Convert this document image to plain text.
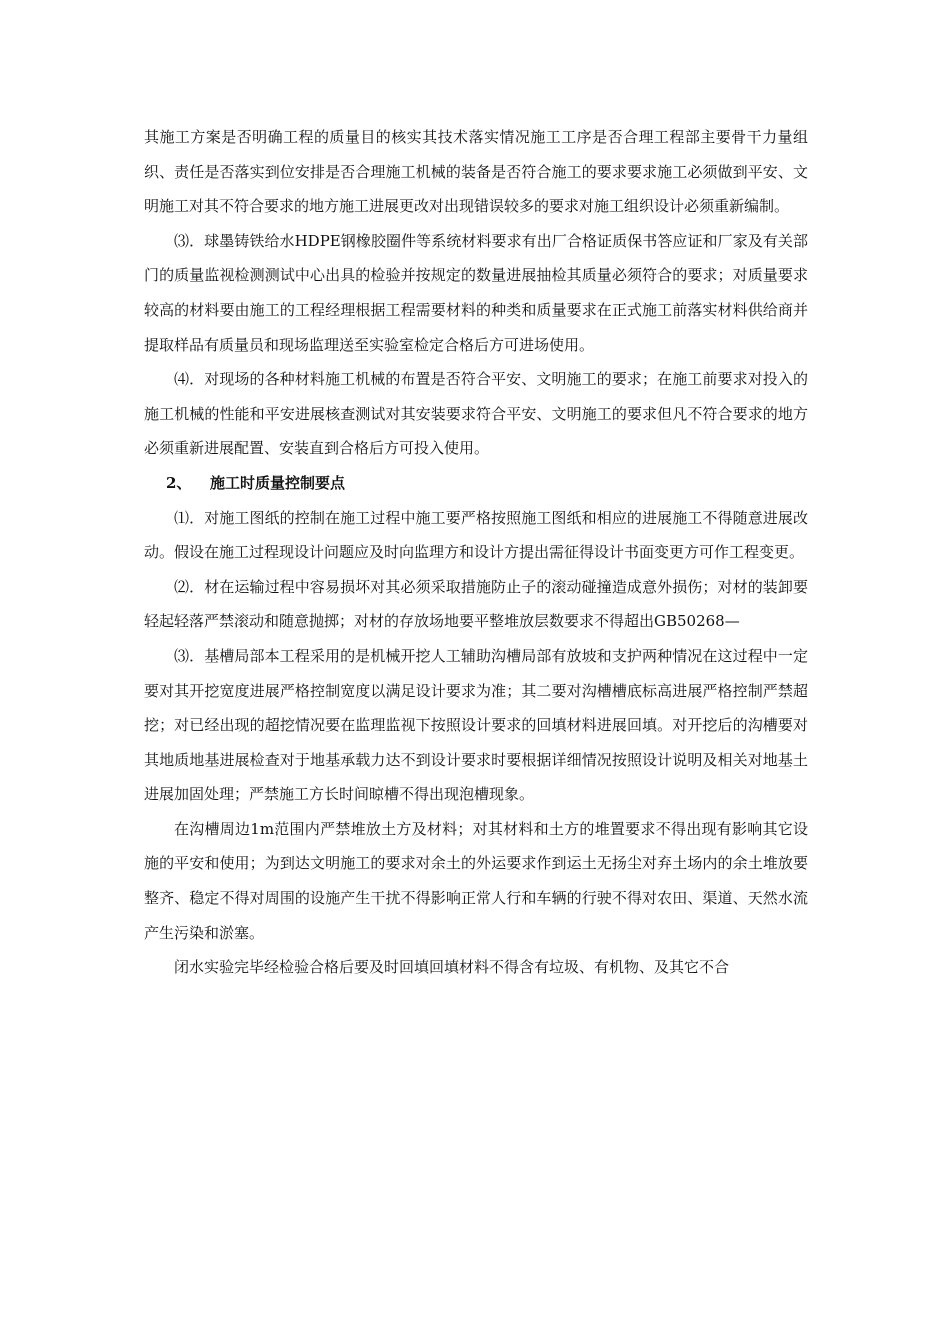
其施工方案是否明确工程的质量目的核实其技术落实情况施工工序是否合理工程部主要骨干力量组织、责任是否落实到位安排是否合理施工机械的装备是否符合施工的要求要求施工必须做到平安、文明施工对其不符合要求的地方施工进展更改对出现错误较多的要求对施工组织设计必须重新编制。

⑶．球墨铸铁给水HDPE钢橡胶圈件等系统材料要求有出厂合格证质保书答应证和厂家及有关部门的质量监视检测测试中心出具的检验并按规定的数量进展抽检其质量必须符合的要求；对质量要求较高的材料要由施工的工程经理根据工程需要材料的种类和质量要求在正式施工前落实材料供给商并提取样品有质量员和现场监理送至实验室检定合格后方可进场使用。

⑷．对现场的各种材料施工机械的布置是否符合平安、文明施工的要求；在施工前要求对投入的施工机械的性能和平安进展核查测试对其安装要求符合平安、文明施工的要求但凡不符合要求的地方必须重新进展配置、安装直到合格后方可投入使用。

2、 施工时质量控制要点

⑴．对施工图纸的控制在施工过程中施工要严格按照施工图纸和相应的进展施工不得随意进展改动。假设在施工过程现设计问题应及时向监理方和设计方提出需征得设计书面变更方可作工程变更。

⑵．材在运输过程中容易损坏对其必须采取措施防止子的滚动碰撞造成意外损伤；对材的装卸要轻起轻落严禁滚动和随意抛掷；对材的存放场地要平整堆放层数要求不得超出GB50268—

⑶．基槽局部本工程采用的是机械开挖人工辅助沟槽局部有放坡和支护两种情况在这过程中一定要对其开挖宽度进展严格控制宽度以满足设计要求为准；其二要对沟槽槽底标高进展严格控制严禁超挖；对已经出现的超挖情况要在监理监视下按照设计要求的回填材料进展回填。对开挖后的沟槽要对其地质地基进展检查对于地基承载力达不到设计要求时要根据详细情况按照设计说明及相关对地基土进展加固处理；严禁施工方长时间晾槽不得出现泡槽现象。

在沟槽周边1m范围内严禁堆放土方及材料；对其材料和土方的堆置要求不得出现有影响其它设施的平安和使用；为到达文明施工的要求对余土的外运要求作到运土无扬尘对弃土场内的余土堆放要整齐、稳定不得对周围的设施产生干扰不得影响正常人行和车辆的行驶不得对农田、渠道、天然水流产生污染和淤塞。

闭水实验完毕经检验合格后要及时回填回填材料不得含有垃圾、有机物、及其它不合
